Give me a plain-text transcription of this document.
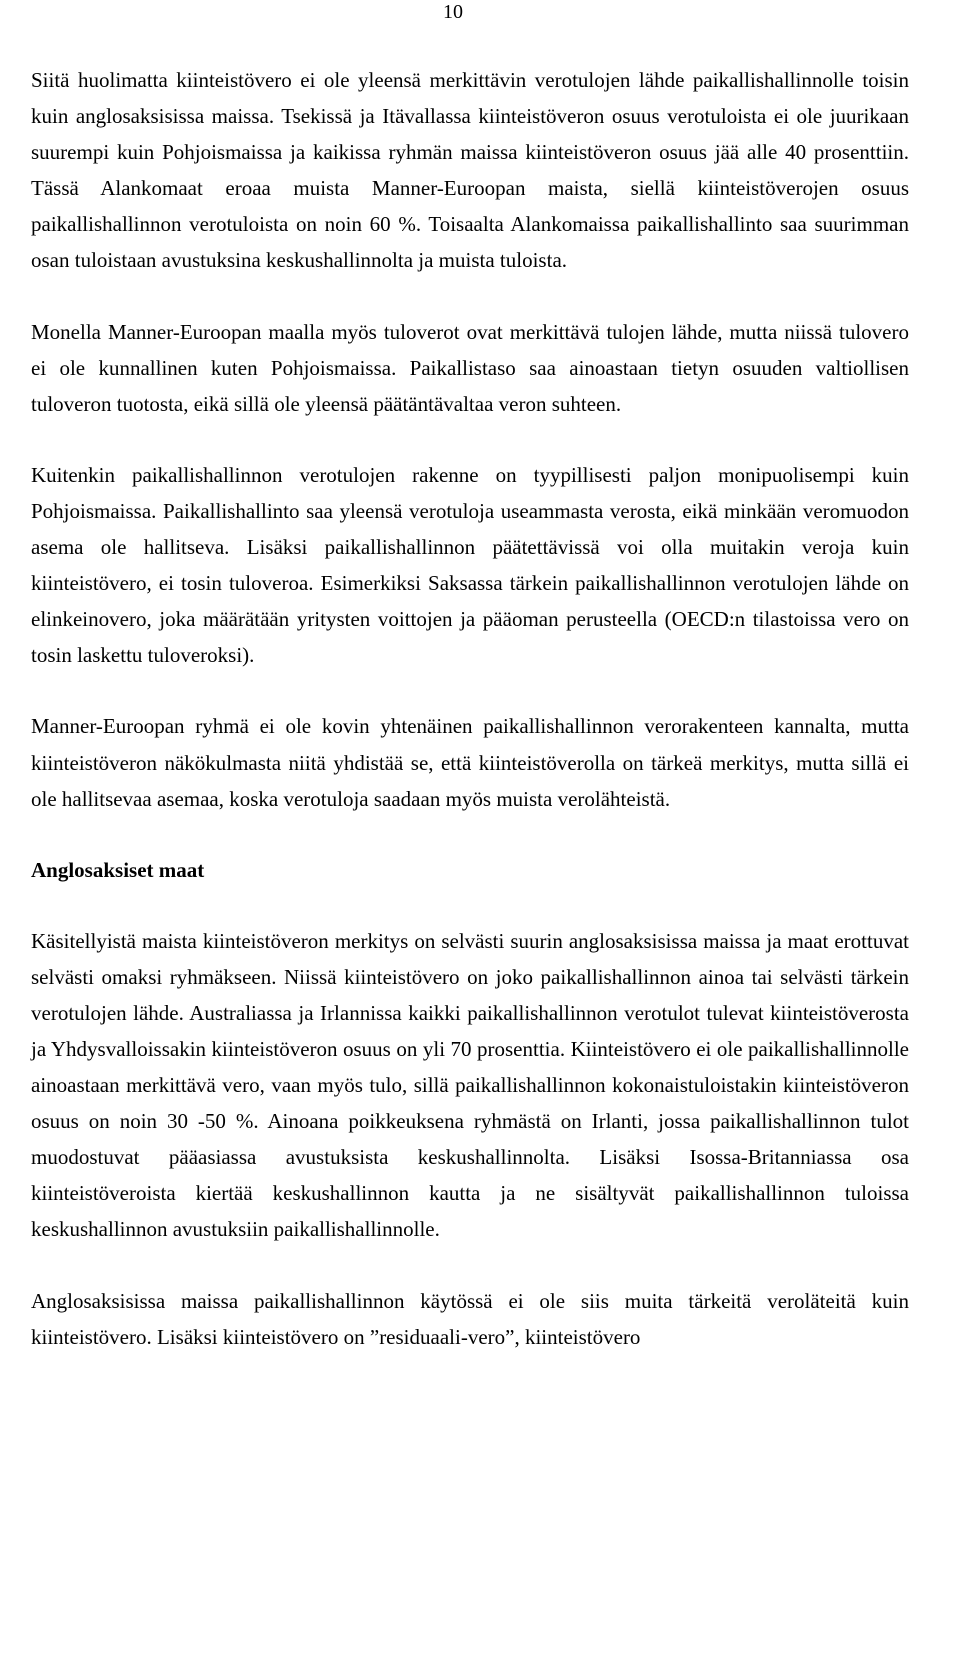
10

Siitä huolimatta kiinteistövero ei ole yleensä merkittävin verotulojen lähde paikallishallinnolle toisin kuin anglosaksisissa maissa. Tsekissä ja Itävallassa kiinteistöveron osuus verotuloista ei ole juurikaan suurempi kuin Pohjoismaissa ja kaikissa ryhmän maissa kiinteistöveron osuus jää alle 40 prosenttiin. Tässä Alankomaat eroaa muista Manner-Euroopan maista, siellä kiinteistöverojen osuus paikallishallinnon verotuloista on noin 60 %. Toisaalta Alankomaissa paikallishallinto saa suurimman osan tuloistaan avustuksina keskushallinnolta ja muista tuloista.

Monella Manner-Euroopan maalla myös tuloverot ovat merkittävä tulojen lähde, mutta niissä tulovero ei ole kunnallinen kuten Pohjoismaissa. Paikallistaso saa ainoastaan tietyn osuuden valtiollisen tuloveron tuotosta, eikä sillä ole yleensä päätäntävaltaa veron suhteen.

Kuitenkin paikallishallinnon verotulojen rakenne on tyypillisesti paljon monipuolisempi kuin Pohjoismaissa. Paikallishallinto saa yleensä verotuloja useammasta verosta, eikä minkään veromuodon asema ole hallitseva. Lisäksi paikallishallinnon päätettävissä voi olla muitakin veroja kuin kiinteistövero, ei tosin tuloveroa. Esimerkiksi Saksassa tärkein paikallishallinnon verotulojen lähde on elinkeinovero, joka määrätään yritysten voittojen ja pääoman perusteella (OECD:n tilastoissa vero on tosin laskettu tuloveroksi).

Manner-Euroopan ryhmä ei ole kovin yhtenäinen paikallishallinnon verorakenteen kannalta, mutta kiinteistöveron näkökulmasta niitä yhdistää se, että kiinteistöverolla on tärkeä merkitys, mutta sillä ei ole hallitsevaa asemaa, koska verotuloja saadaan myös muista verolähteistä.

Anglosaksiset maat

Käsitellyistä maista kiinteistöveron merkitys on selvästi suurin anglosaksisissa maissa ja maat erottuvat selvästi omaksi ryhmäkseen. Niissä kiinteistövero on joko paikallishallinnon ainoa tai selvästi tärkein verotulojen lähde. Australiassa ja Irlannissa kaikki paikallishallinnon verotulot tulevat kiinteistöverosta ja Yhdysvalloissakin kiinteistöveron osuus on yli 70 prosenttia. Kiinteistövero ei ole paikallishallinnolle ainoastaan merkittävä vero, vaan myös tulo, sillä paikallishallinnon kokonaistuloistakin kiinteistöveron osuus on noin 30 -50 %. Ainoana poikkeuksena ryhmästä on Irlanti, jossa paikallishallinnon tulot muodostuvat pääasiassa avustuksista keskushallinnolta. Lisäksi Isossa-Britanniassa osa kiinteistöveroista kiertää keskushallinnon kautta ja ne sisältyvät paikallishallinnon tuloissa keskushallinnon avustuksiin paikallishallinnolle.

Anglosaksisissa maissa paikallishallinnon käytössä ei ole siis muita tärkeitä veroläteitä kuin kiinteistövero. Lisäksi kiinteistövero on ”residuaali-vero”, kiinteistövero
